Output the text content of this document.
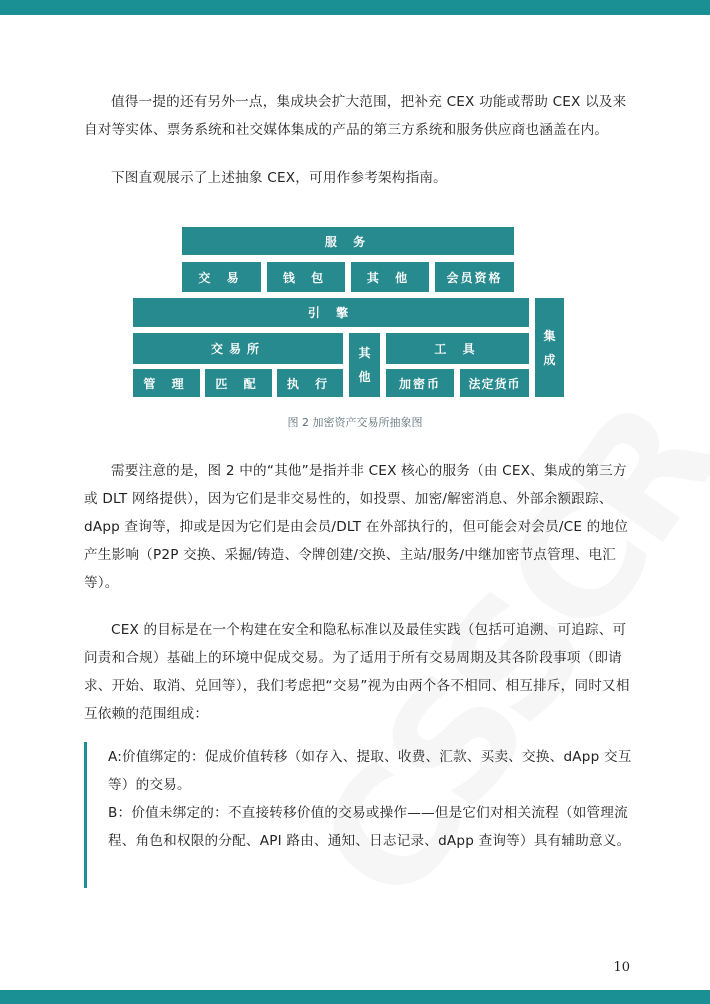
值得一提的还有另外一点，集成块会扩大范围，把补充 CEX 功能或帮助 CEX 以及来自对等实体、票务系统和社交媒体集成的产品的第三方系统和服务供应商也涵盖在内。

下图直观展示了上述抽象 CEX，可用作参考架构指南。

服 务
交 易	钱 包	其 他	会员资格
引 擎
交易所	其
他
工 具
集
成
管 理	匹 配	执 行	加密币	法定货币
图 2 加密资产交易所抽象图

需要注意的是，图 2 中的“其他”是指并非 CEX 核心的服务（由 CEX、集成的第三方或 DLT 网络提供），因为它们是非交易性的，如投票、加密/解密消息、外部余额跟踪、dApp 查询等，抑或是因为它们是由会员/DLT 在外部执行的，但可能会对会员/CE 的地位产生影响（P2P 交换、采掘/铸造、令牌创建/交换、主站/服务/中继加密节点管理、电汇等）。

CEX 的目标是在一个构建在安全和隐私标准以及最佳实践（包括可追溯、可追踪、可问责和合规）基础上的环境中促成交易。为了适用于所有交易周期及其各阶段事项（即请求、开始、取消、兑回等），我们考虑把“交易”视为由两个各不相同、相互排斥，同时又相互依赖的范围组成：

A:价值绑定的：促成价值转移（如存入、提取、收费、汇款、买卖、交换、dApp 交互等）的交易。

B：价值未绑定的：不直接转移价值的交易或操作——但是它们对相关流程（如管理流程、角色和权限的分配、API 路由、通知、日志记录、dApp 查询等）具有辅助意义。

10
